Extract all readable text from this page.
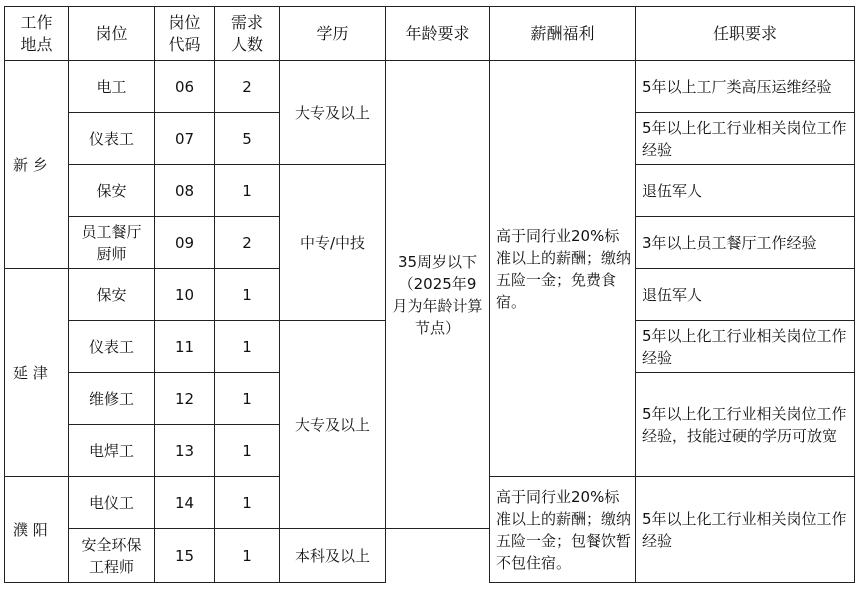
工作地点	岗位	岗位代码	需求人数	学历	年龄要求	薪酬福利	任职要求
新 乡	电工	06	2	大专及以上	35周岁以下（2025年9月为年龄计算节点）	高于同行业20%标准以上的薪酬；缴纳五险一金；免费食宿。	5年以上工厂类高压运维经验
	仪表工	07	5				5年以上化工行业相关岗位工作经验
	保安	08	1	中专/中技			退伍军人
	员工餐厅厨师	09	2				3年以上员工餐厅工作经验
延 津	保安	10	1				退伍军人
	仪表工	11	1	大专及以上			5年以上化工行业相关岗位工作经验
	维修工	12	1				5年以上化工行业相关岗位工作经验，技能过硬的学历可放宽
	电焊工	13	1				
濮 阳	电仪工	14	1			高于同行业20%标准以上的薪酬；缴纳五险一金；包餐饮暂不包住宿。	5年以上化工行业相关岗位工作经验
	安全环保工程师	15	1	本科及以上			
